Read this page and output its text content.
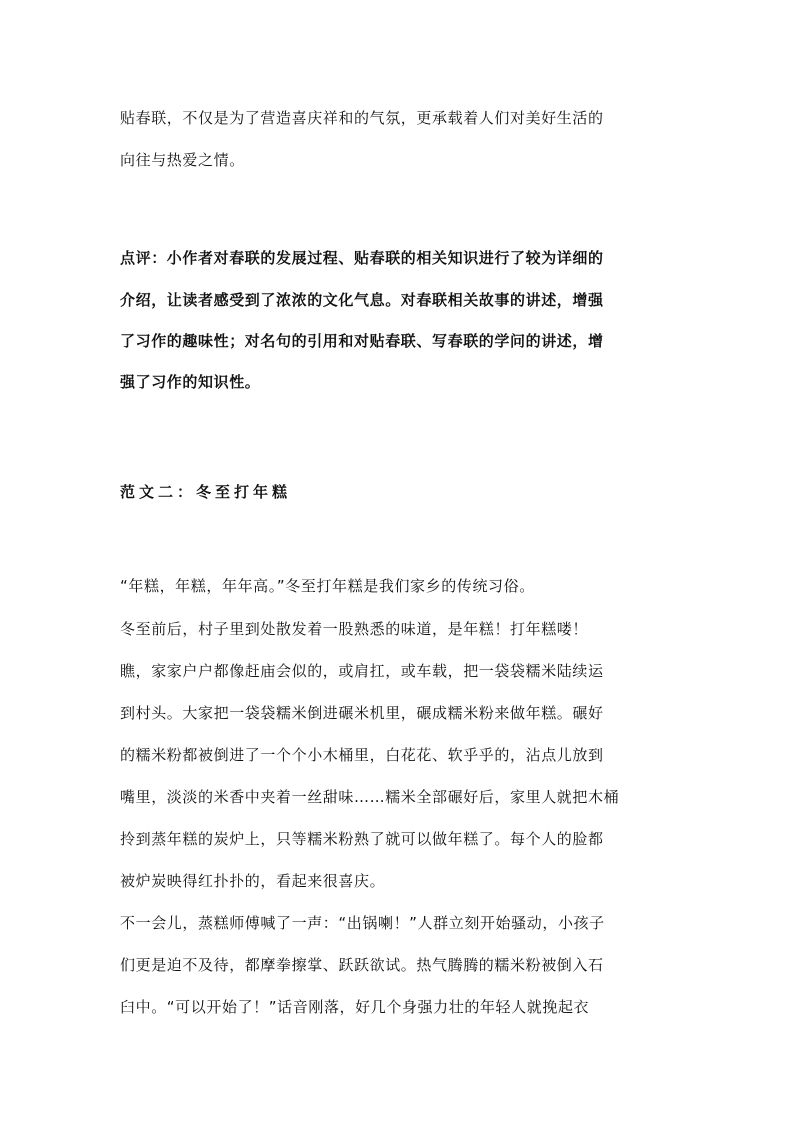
贴春联，不仅是为了营造喜庆祥和的气氛，更承载着人们对美好生活的
向往与热爱之情。
点评：小作者对春联的发展过程、贴春联的相关知识进行了较为详细的
介绍，让读者感受到了浓浓的文化气息。对春联相关故事的讲述，增强
了习作的趣味性；对名句的引用和对贴春联、写春联的学问的讲述，增
强了习作的知识性。
范文二：冬至打年糕
“年糕，年糕，年年高。”冬至打年糕是我们家乡的传统习俗。
冬至前后，村子里到处散发着一股熟悉的味道，是年糕！打年糕喽！
瞧，家家户户都像赶庙会似的，或肩扛，或车载，把一袋袋糯米陆续运
到村头。大家把一袋袋糯米倒进碾米机里，碾成糯米粉来做年糕。碾好
的糯米粉都被倒进了一个个小木桶里，白花花、软乎乎的，沾点儿放到
嘴里，淡淡的米香中夹着一丝甜味……糯米全部碾好后，家里人就把木桶
拎到蒸年糕的炭炉上，只等糯米粉熟了就可以做年糕了。每个人的脸都
被炉炭映得红扑扑的，看起来很喜庆。
不一会儿，蒸糕师傅喊了一声：“出锅喇！”人群立刻开始骚动，小孩子
们更是迫不及待，都摩拳擦掌、跃跃欲试。热气腾腾的糯米粉被倒入石
臼中。“可以开始了！”话音刚落，好几个身强力壮的年轻人就挽起衣
